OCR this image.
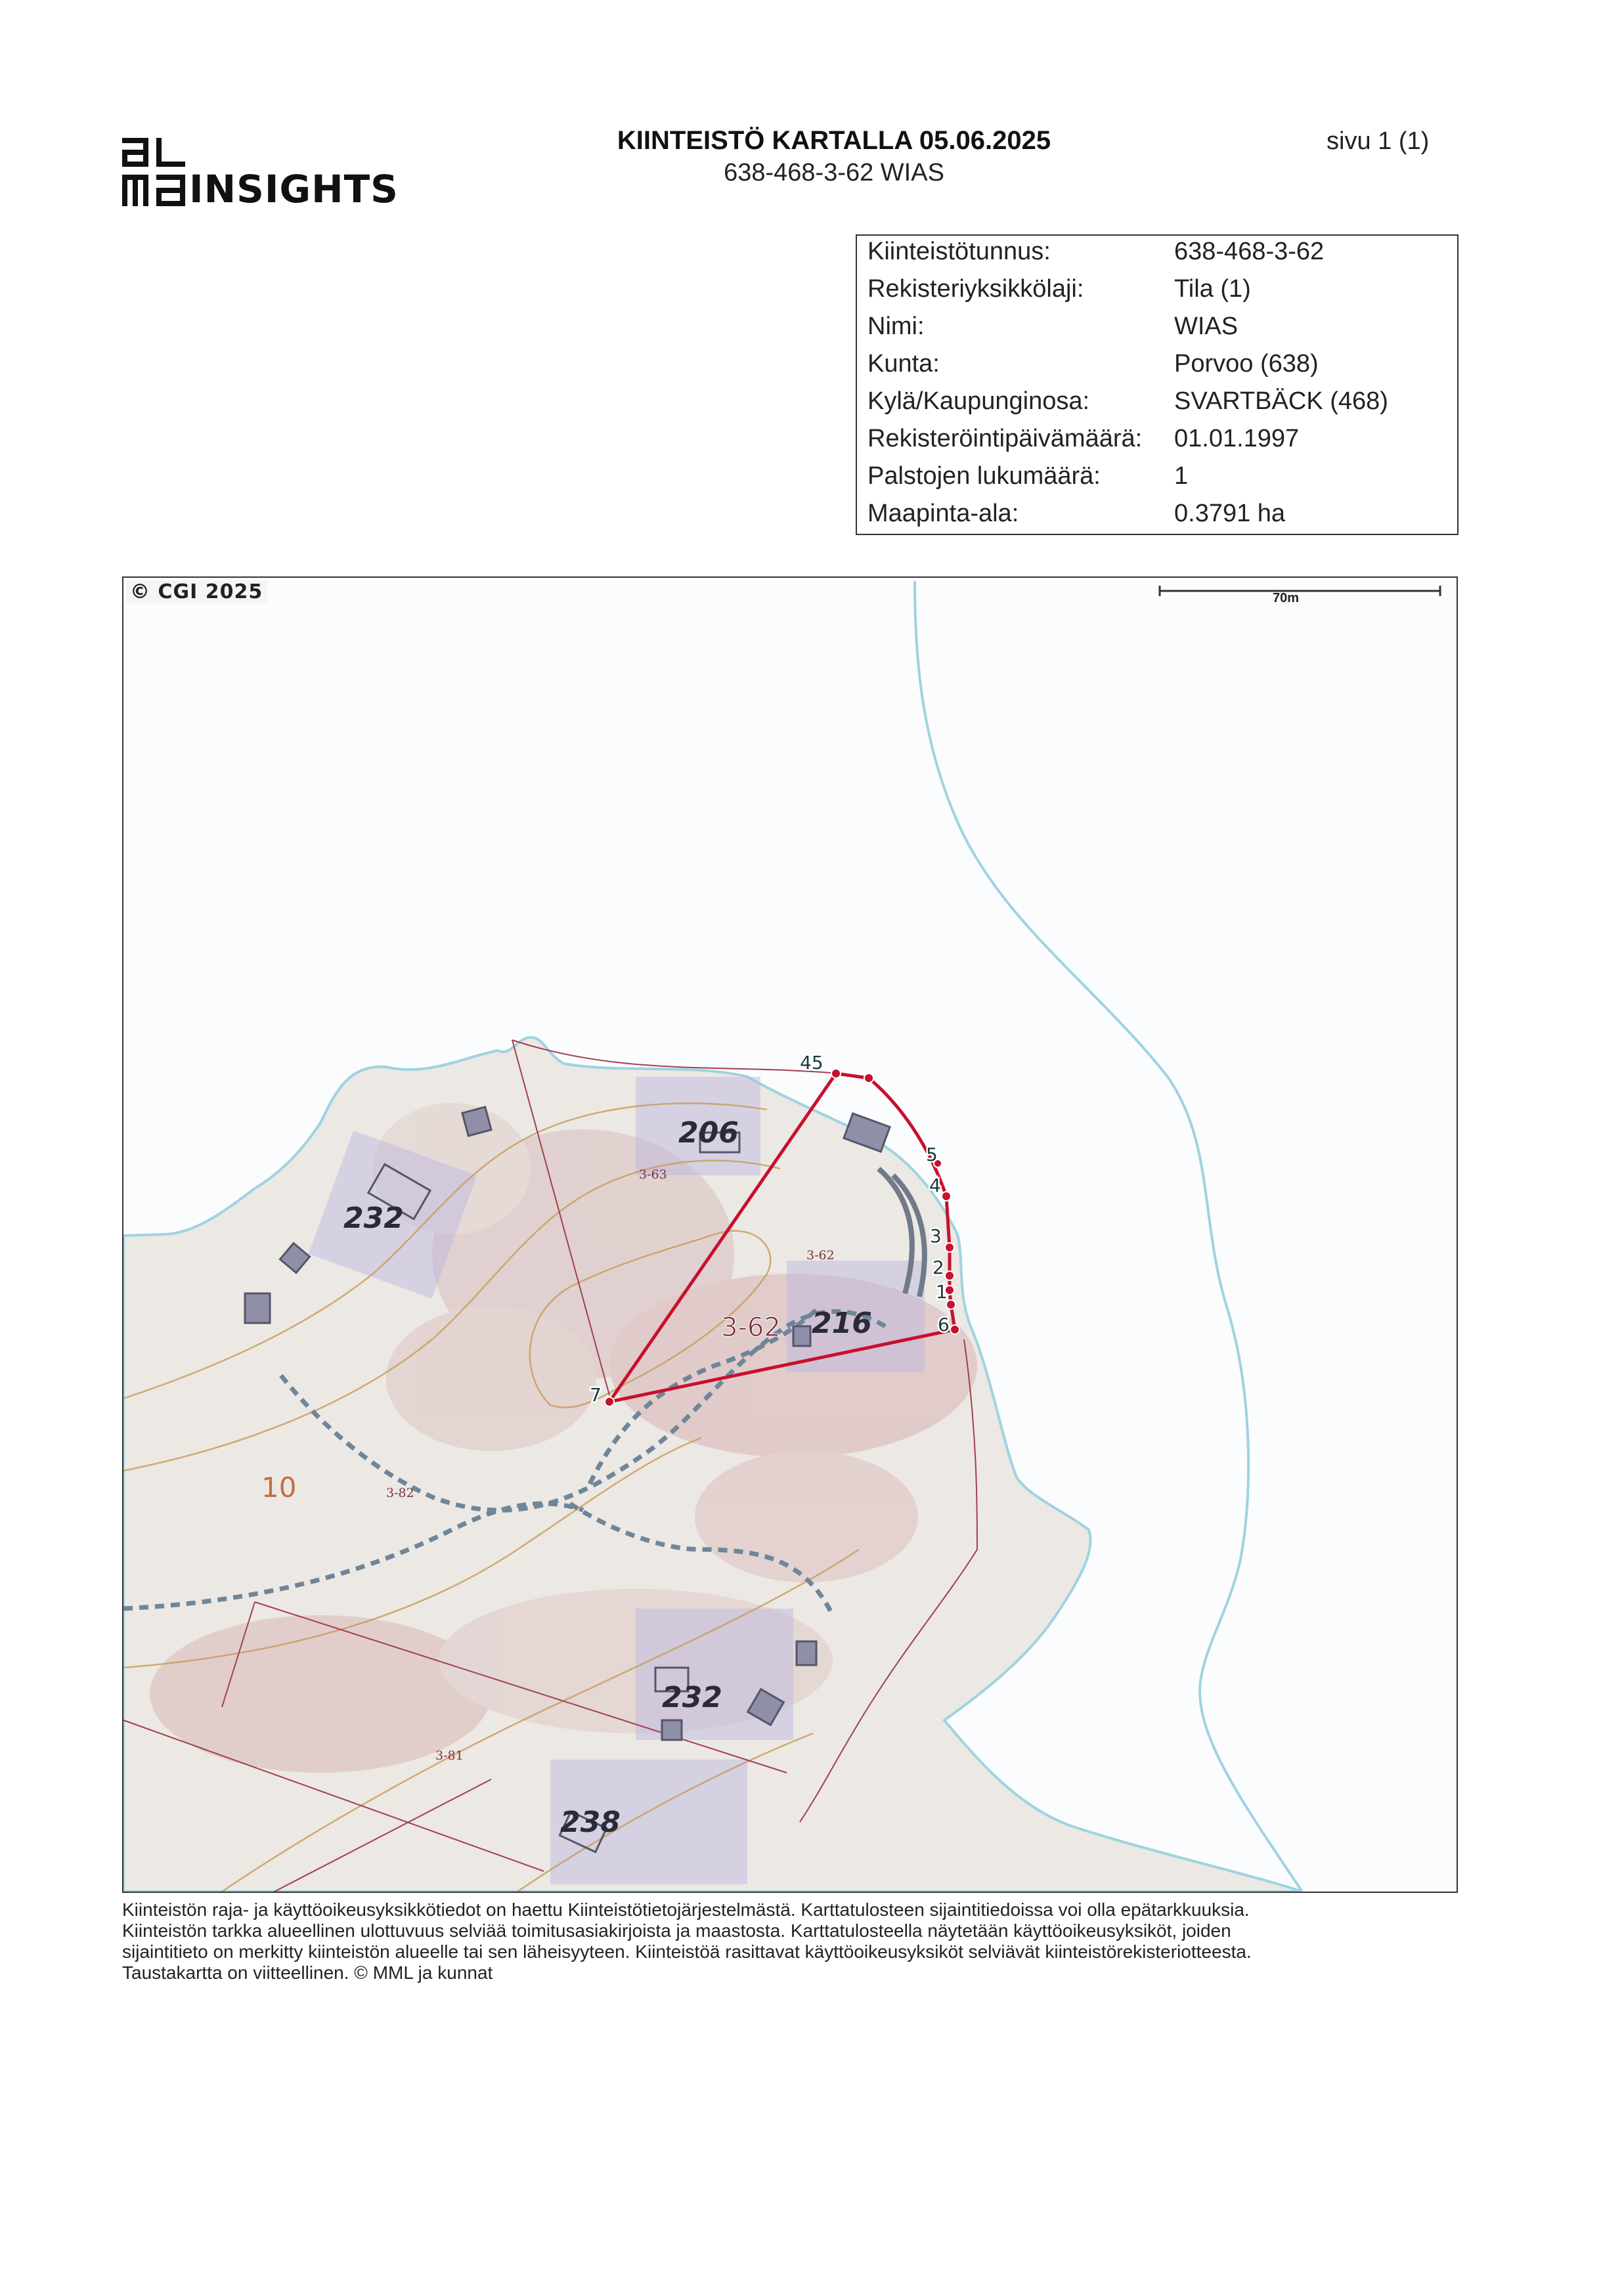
INSIGHTS
KIINTEISTÖ KARTALLA 05.06.2025
638-468-3-62 WIAS
sivu 1 (1)
Kiinteistötunnus:	638-468-3-62
Rekisteriyksikkölaji:	Tila (1)
Nimi:	WIAS
Kunta:	Porvoo (638)
Kylä/Kaupunginosa:	SVARTBÄCK (468)
Rekisteröintipäivämäärä: 01.01.1997
Palstojen lukumäärä:	1
Maapinta-ala:	0.3791 ha
206
232
216
232
238
3-63
3-62
3-82
3-81
3-62
10
45
5
4
3
2
1
6
7
© CGI 2025	70m
Kiinteistön raja- ja käyttöoikeusyksikkötiedot on haettu Kiinteistötietojärjestelmästä. Karttatulosteen sijaintitiedoissa voi olla epätarkkuuksia.
Kiinteistön tarkka alueellinen ulottuvuus selviää toimitusasiakirjoista ja maastosta. Karttatulosteella näytetään käyttöoikeusyksiköt, joiden
sijaintitieto on merkitty kiinteistön alueelle tai sen läheisyyteen. Kiinteistöä rasittavat käyttöoikeusyksiköt selviävät kiinteistörekisteriotteesta.
Taustakartta on viitteellinen. © MML ja kunnat
